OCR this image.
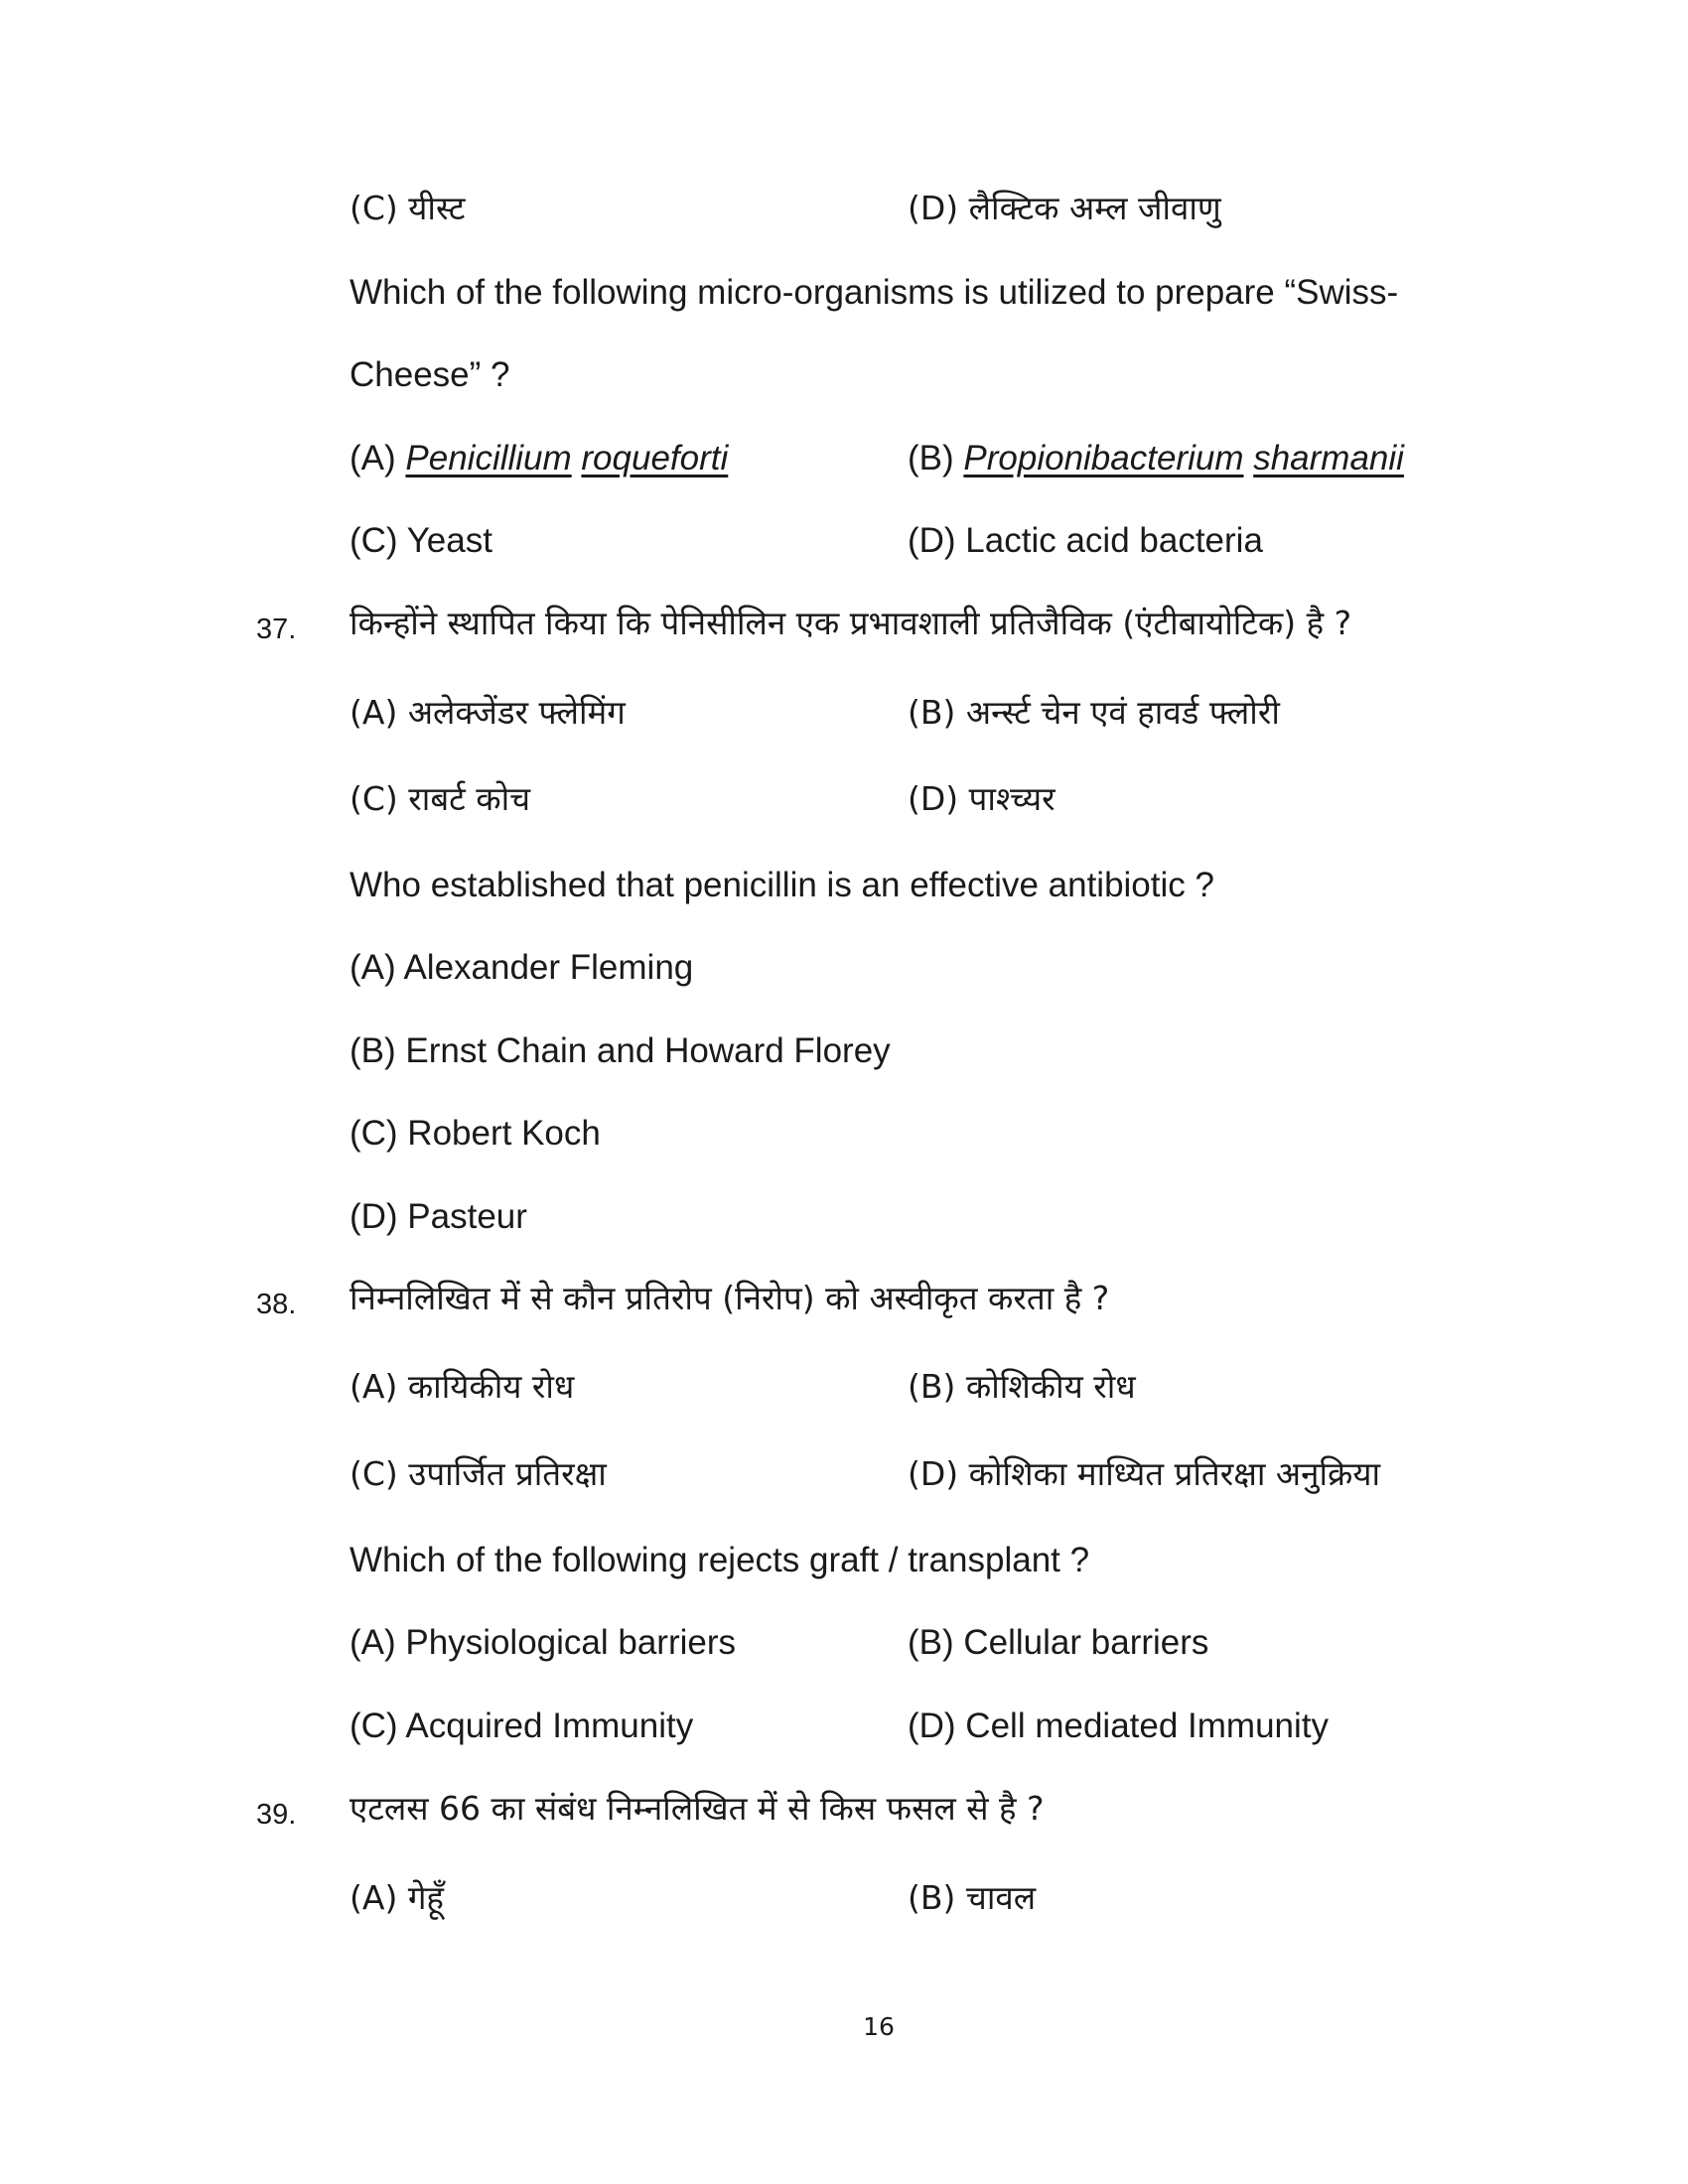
(C) यीस्ट	(D) लैक्टिक अम्ल जीवाणु
Which of the following micro-organisms is utilized to prepare “Swiss-
Cheese” ?
(A) Penicillium roqueforti	(B) Propionibacterium sharmanii
(C) Yeast	(D) Lactic acid bacteria
37. किन्होंने स्थापित किया कि पेनिसीलिन एक प्रभावशाली प्रतिजैविक (एंटीबायोटिक) है ?
(A) अलेक्जेंडर फ्लेमिंग	(B) अर्न्स्ट चेन एवं हावर्ड फ्लोरी
(C) राबर्ट कोच	(D) पाश्च्यर
Who established that penicillin is an effective antibiotic ?
(A) Alexander Fleming
(B) Ernst Chain and Howard Florey
(C) Robert Koch
(D) Pasteur
38. निम्नलिखित में से कौन प्रतिरोप (निरोप) को अस्वीकृत करता है ?
(A) कायिकीय रोध	(B) कोशिकीय रोध
(C) उपार्जित प्रतिरक्षा	(D) कोशिका माध्यित प्रतिरक्षा अनुक्रिया
Which of the following rejects graft / transplant ?
(A) Physiological barriers	(B) Cellular barriers
(C) Acquired Immunity	(D) Cell mediated Immunity
39. एटलस 66 का संबंध निम्नलिखित में से किस फसल से है ?
(A) गेहूँ	(B) चावल
16
